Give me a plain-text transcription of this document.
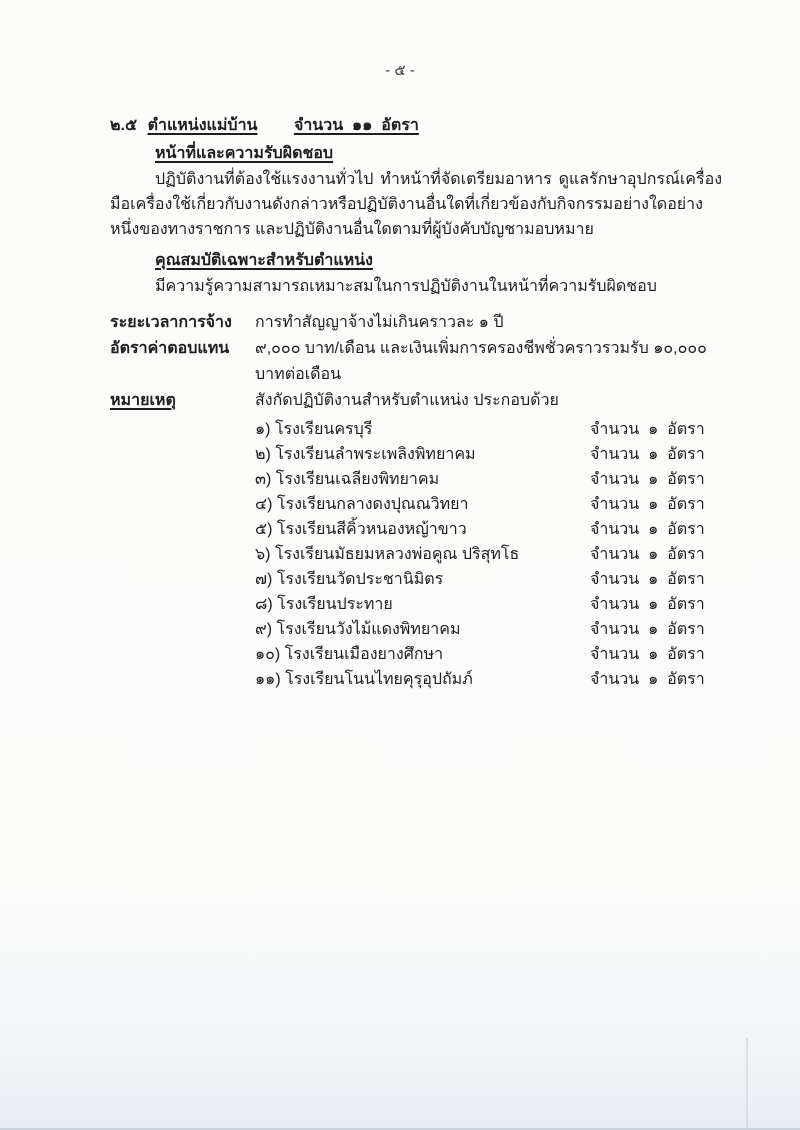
- ๕ -
๒.๕ ตำแหน่งแม่บ้าน จำนวน  ๑๑  อัตรา
หน้าที่และความรับผิดชอบ

ปฏิบัติงานที่ต้องใช้แรงงานทั่วไป ทำหน้าที่จัดเตรียมอาหาร ดูแลรักษาอุปกรณ์เครื่องมือเครื่องใช้เกี่ยวกับงานดังกล่าวหรือปฏิบัติงานอื่นใดที่เกี่ยวข้องกับกิจกรรมอย่างใดอย่างหนึ่งของทางราชการ และปฏิบัติงานอื่นใดตามที่ผู้บังคับบัญชามอบหมาย

คุณสมบัติเฉพาะสำหรับตำแหน่ง

มีความรู้ความสามารถเหมาะสมในการปฏิบัติงานในหน้าที่ความรับผิดชอบ

ระยะเวลาการจ้าง	การทำสัญญาจ้างไม่เกินคราวละ ๑ ปี
อัตราค่าตอบแทน	๙,๐๐๐ บาท/เดือน และเงินเพิ่มการครองชีพชั่วคราวรวมรับ ๑๐,๐๐๐ บาทต่อเดือน
หมายเหตุ	สังกัดปฏิบัติงานสำหรับตำแหน่ง ประกอบด้วย
๑) โรงเรียนครบุรี	จำนวน  ๑  อัตรา
๒) โรงเรียนลำพระเพลิงพิทยาคม	จำนวน  ๑  อัตรา
๓) โรงเรียนเฉลียงพิทยาคม	จำนวน  ๑  อัตรา
๔) โรงเรียนกลางดงปุณณวิทยา	จำนวน  ๑  อัตรา
๕) โรงเรียนสีคิ้วหนองหญ้าขาว	จำนวน  ๑  อัตรา
๖) โรงเรียนมัธยมหลวงพ่อคูณ ปริสุทโธ	จำนวน  ๑  อัตรา
๗) โรงเรียนวัดประชานิมิตร	จำนวน  ๑  อัตรา
๘) โรงเรียนประทาย	จำนวน  ๑  อัตรา
๙) โรงเรียนวังไม้แดงพิทยาคม	จำนวน  ๑  อัตรา
๑๐) โรงเรียนเมืองยางศึกษา	จำนวน  ๑  อัตรา
๑๑) โรงเรียนโนนไทยคุรุอุปถัมภ์	จำนวน  ๑  อัตรา
